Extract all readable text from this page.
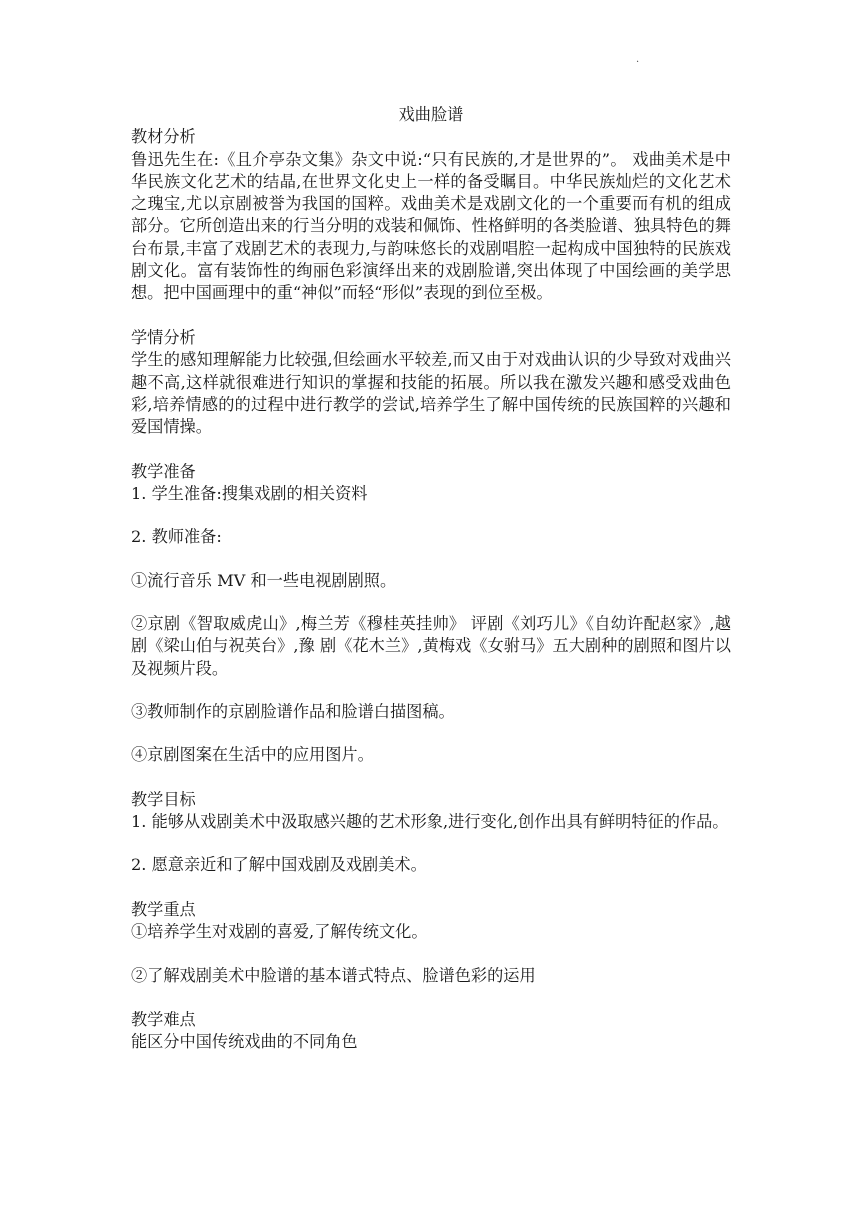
·

戏曲脸谱

教材分析

鲁迅先生在:《且介亭杂文集》杂文中说:“只有民族的,才是世界的”。 戏曲美术是中华民族文化艺术的结晶,在世界文化史上一样的备受瞩目。中华民族灿烂的文化艺术之瑰宝,尤以京剧被誉为我国的国粹。戏曲美术是戏剧文化的一个重要而有机的组成部分。它所创造出来的行当分明的戏装和佩饰、性格鲜明的各类脸谱、独具特色的舞台布景,丰富了戏剧艺术的表现力,与韵味悠长的戏剧唱腔一起构成中国独特的民族戏剧文化。富有装饰性的绚丽色彩演绎出来的戏剧脸谱,突出体现了中国绘画的美学思想。把中国画理中的重“神似”而轻“形似”表现的到位至极。

学情分析

学生的感知理解能力比较强,但绘画水平较差,而又由于对戏曲认识的少导致对戏曲兴趣不高,这样就很难进行知识的掌握和技能的拓展。所以我在激发兴趣和感受戏曲色彩,培养情感的的过程中进行教学的尝试,培养学生了解中国传统的民族国粹的兴趣和爱国情操。

教学准备

1. 学生准备:搜集戏剧的相关资料

2. 教师准备:

①流行音乐 MV 和一些电视剧剧照。

②京剧《智取威虎山》,梅兰芳《穆桂英挂帅》 评剧《刘巧儿》《自幼许配赵家》,越 剧《梁山伯与祝英台》,豫 剧《花木兰》,黄梅戏《女驸马》五大剧种的剧照和图片以及视频片段。

③教师制作的京剧脸谱作品和脸谱白描图稿。

④京剧图案在生活中的应用图片。

教学目标

1. 能够从戏剧美术中汲取感兴趣的艺术形象,进行变化,创作出具有鲜明特征的作品。

2. 愿意亲近和了解中国戏剧及戏剧美术。

教学重点

①培养学生对戏剧的喜爱,了解传统文化。

②了解戏剧美术中脸谱的基本谱式特点、脸谱色彩的运用

教学难点

能区分中国传统戏曲的不同角色
